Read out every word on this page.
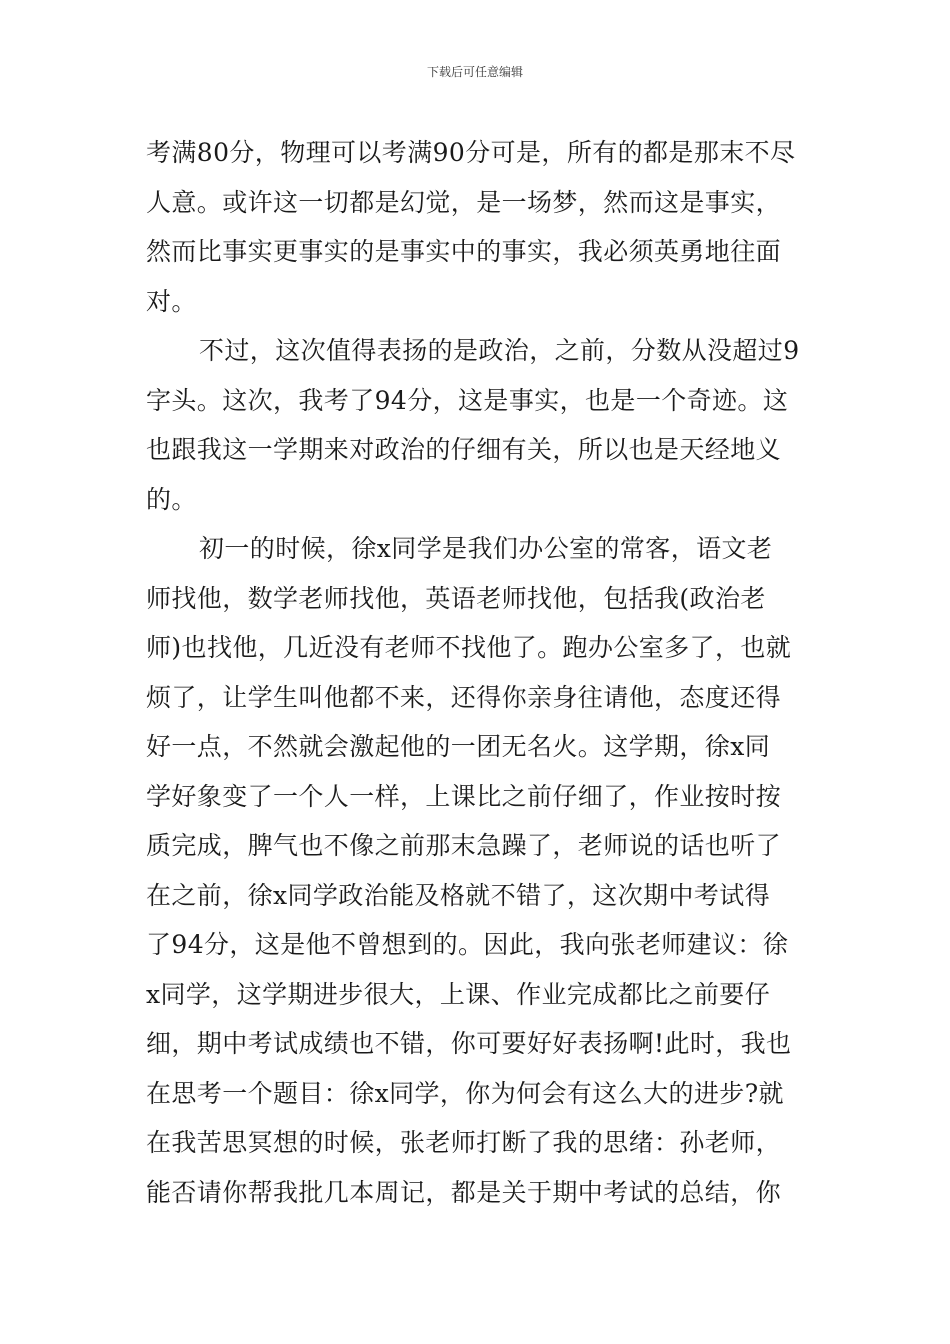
下载后可任意编辑
考满80分，物理可以考满90分可是，所有的都是那末不尽
人意。或许这一切都是幻觉，是一场梦，然而这是事实，
然而比事实更事实的是事实中的事实，我必须英勇地往面
对。
不过，这次值得表扬的是政治，之前，分数从没超过9
字头。这次，我考了94分，这是事实，也是一个奇迹。这
也跟我这一学期来对政治的仔细有关，所以也是天经地义
的。
初一的时候，徐x同学是我们办公室的常客，语文老
师找他，数学老师找他，英语老师找他，包括我(政治老
师)也找他，几近没有老师不找他了。跑办公室多了，也就
烦了，让学生叫他都不来，还得你亲身往请他，态度还得
好一点，不然就会激起他的一团无名火。这学期，徐x同
学好象变了一个人一样，上课比之前仔细了，作业按时按
质完成，脾气也不像之前那末急躁了，老师说的话也听了
在之前，徐x同学政治能及格就不错了，这次期中考试得
了94分，这是他不曾想到的。因此，我向张老师建议：徐
x同学，这学期进步很大，上课、作业完成都比之前要仔
细，期中考试成绩也不错，你可要好好表扬啊!此时，我也
在思考一个题目：徐x同学，你为何会有这么大的进步?就
在我苦思冥想的时候，张老师打断了我的思绪：孙老师，
能否请你帮我批几本周记，都是关于期中考试的总结，你
